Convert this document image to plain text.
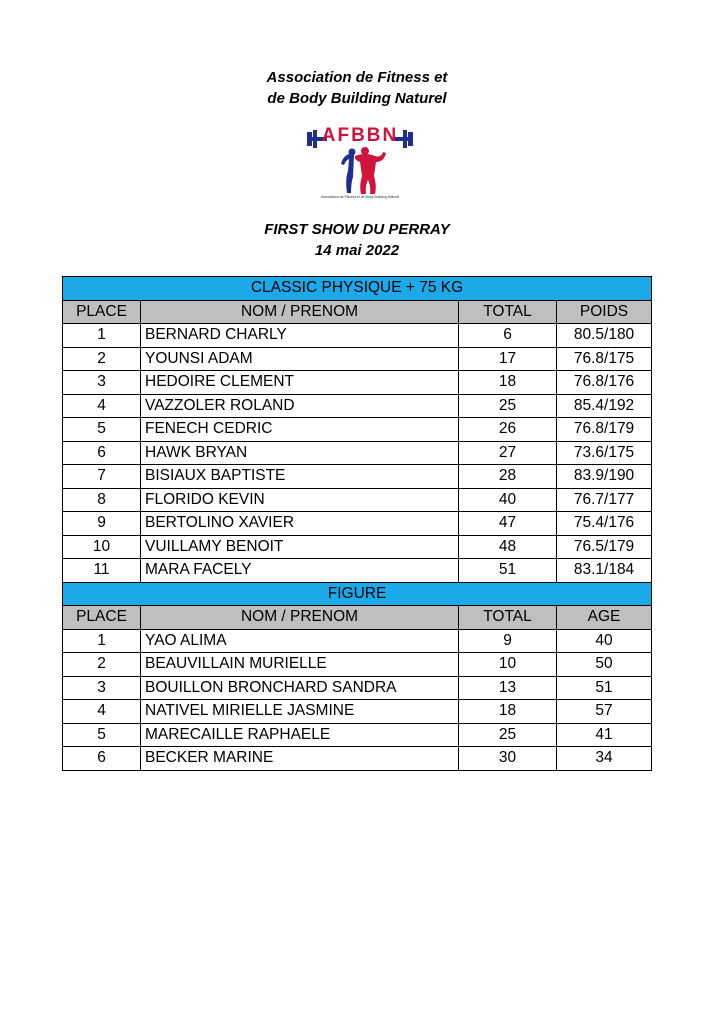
Association de Fitness et
de Body Building Naturel
AFBBN
Association de Fitness et de Body Building Naturel
FIRST SHOW DU PERRAY
14 mai 2022
CLASSIC PHYSIQUE + 75 KG			
PLACE	NOM / PRENOM	TOTAL	POIDS
1	BERNARD CHARLY	6	80.5/180
2	YOUNSI ADAM	17	76.8/175
3	HEDOIRE CLEMENT	18	76.8/176
4	VAZZOLER ROLAND	25	85.4/192
5	FENECH CEDRIC	26	76.8/179
6	HAWK BRYAN	27	73.6/175
7	BISIAUX BAPTISTE	28	83.9/190
8	FLORIDO KEVIN	40	76.7/177
9	BERTOLINO XAVIER	47	75.4/176
10	VUILLAMY BENOIT	48	76.5/179
11	MARA FACELY	51	83.1/184
FIGURE			
PLACE	NOM / PRENOM	TOTAL	AGE
1	YAO ALIMA	9	40
2	BEAUVILLAIN MURIELLE	10	50
3	BOUILLON BRONCHARD SANDRA	13	51
4	NATIVEL MIRIELLE JASMINE	18	57
5	MARECAILLE RAPHAELE	25	41
6	BECKER MARINE	30	34
